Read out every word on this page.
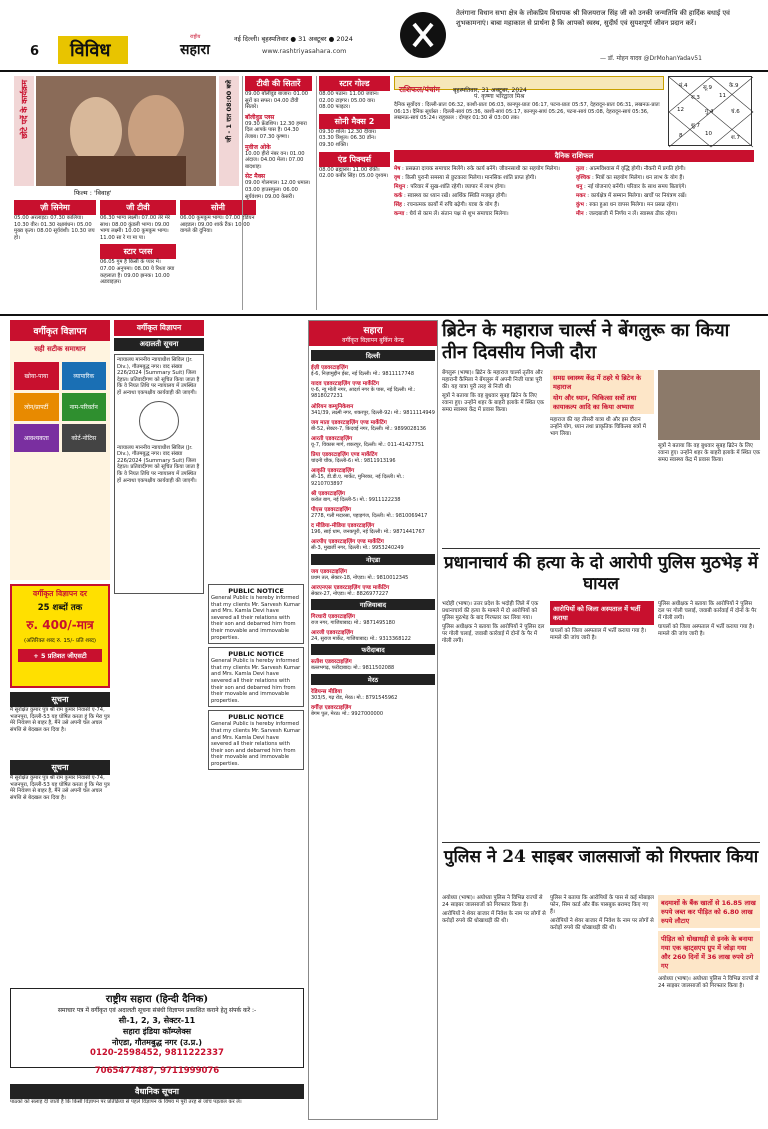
6 विविध
राष्ट्रीय
सहारा
नई दिल्ली। बृहस्पतिवार ● 31 अक्टूबर ● 2024
www.rashtriyasahara.com
तेलंगाना विधान सभा क्षेत्र के लोकप्रिय विधायक श्री विजयराज सिंह जी को उनकी जन्मतिथि की हार्दिक बधाई एवं शुभकामनाएं। बाबा महाकाल से प्रार्थना है कि आपको स्वस्थ, सुदीर्घ एवं सुयशपूर्ण जीवन प्रदान करें।
— डॉ. मोहन यादव @DrMohanYadav51
छोटे पर्दे के कार्यक्रम
फिल्म : 'विवाह'
जी - 1 रात 08:00 बजे
ज़ी सिनेमा
05.00 अरलाइट। 07.30 कालिया। 10.30 वीर। 01.30 रक्षाबंधन। 05.00 मुख्य कृत्य। 08.00 सूर्यवंशी। 10.30 जय हो।
जी टीवी
06.30 भाग्य लक्ष्मी। 07.00 तेरे मेरे साथ। 08.00 कुंडली भाग्य। 09.00 भाग्य लक्ष्मी। 10.00 कुमकुम भाग्य। 11.00 सा रे गा मा पा।
स्टार प्लस
06.05 गुम है किसी के प्यार में। 07.00 अनुपमा। 08.00 ये रिश्ता क्या कहलाता है। 09.00 झनक। 10.00 अडवाइज़र।
सोनी
06.00 कुमकुम भाग्य। 07.00 इंडियन आइडल। 09.00 शार्क टैंक। 10.00 वागले की दुनिया।
टीवी की सितारें
09.00 बॉलीवुड बाजार। 01.00 सुरों का सफर। 04.00 टीवी सितारे।
बॉलीवुड प्लस
09.30 फ्रेंडशिप। 12.30 हमारा दिल आपके पास है। 04.30 तेजाब। 07.30 कृष्णा।
मुवीज ओके
10.00 हीरो नंबर वन। 01.00 अंदाज। 04.00 मेला। 07.00 बादशाह।
सेट मैक्स
09.00 गोलमाल। 12.00 धमाल। 03.00 हाउसफुल। 06.00 सूर्यवंशम। 09.00 केसरी।
स्टार गोल्ड
08.00 पठान। 11.00 जवान। 02.00 टाइगर। 05.00 वार। 08.00 फाइटर।
सोनी मैक्स 2
09.30 शोले। 12.30 दीवार। 03.30 त्रिशूल। 06.30 डॉन। 09.30 शक्ति।
एंड पिक्चर्स
08.00 ब्रह्मास्त्र। 11.00 रॉकी। 02.00 कबीर सिंह। 05.00 दृश्यम।
राशिफल/पंचांग बृहस्पतिवार, 31 अक्टूबर, 2024
पं. कृष्णा भारद्वाज मिश्र
दैनिक सूर्योदय : दिल्ली-प्रातः 06:32, काशी-प्रातः 06:03, कानपुर-प्रातः 06:17, पटना-प्रातः 05:57, देहरादून-प्रातः 06:31, लखनऊ-प्रातः 06:13। दैनिक सूर्यास्त : दिल्ली-सायं 05:36, काशी-सायं 05:17, कानपुर-सायं 05:26, पटना-सायं 05:08, देहरादून-सायं 05:36, लखनऊ-सायं 05:24। राहुकाल : दोपहर 01:30 से 03:00 तक।
सू.9	के.9
चं.6
गु.4
मं.4
12
10
श.7
8
रा.3	11
शु.7
दैनिक राशिफल
मेष : प्रसन्नता दायक समाचार मिलेंगे। रुके कार्य बनेंगे। जीवनसाथी का सहयोग मिलेगा।
वृष : किसी पुरानी समस्या से छुटकारा मिलेगा। मानसिक शांति प्राप्त होगी।
मिथुन : परिवार में सुख-शांति रहेगी। व्यापार में लाभ होगा।
कर्क : स्वास्थ्य का ध्यान रखें। आर्थिक स्थिति मजबूत होगी।
सिंह : रचनात्मक कार्यों में रुचि बढ़ेगी। यात्रा के योग हैं।
कन्या : धैर्य से काम लें। संतान पक्ष से शुभ समाचार मिलेगा।
तुला : आत्मविश्वास में वृद्धि होगी। नौकरी में प्रगति होगी।
वृश्चिक : मित्रों का सहयोग मिलेगा। धन लाभ के योग हैं।
धनु : नई योजनाएं बनेंगी। परिवार के साथ समय बिताएंगे।
मकर : कार्यक्षेत्र में सम्मान मिलेगा। खर्चों पर नियंत्रण रखें।
कुंभ : रुका हुआ धन वापस मिलेगा। मन प्रसन्न रहेगा।
मीन : जल्दबाजी में निर्णय न लें। स्वास्थ्य ठीक रहेगा।
वर्गीकृत विज्ञापन
सही सटीक समाधान
खोया-पाया	व्यापारिक
लोन/प्रापर्टी	नाम-परिवर्तन
आवश्यकता	कोर्ट-नोटिस
वर्गीकृत विज्ञापन दर
25 शब्दों तक
रु. 400/-मात्र
(अतिरिक्त शब्द रु. 15/- प्रति शब्द)
+ 5 प्रतिशत जीएसटी
सूचना
मैं सुरक्षित कुमार पुत्र श्री राम कुमार निवासी ए-74, भजनपुरा, दिल्ली-53 यह घोषित करता हूं कि मेरा पुत्र मेरे नियंत्रण से बाहर है, मैंने उसे अपनी चल अचल संपत्ति से बेदखल कर दिया है।
सूचना
मैं सुरक्षित कुमार पुत्र श्री राम कुमार निवासी ए-74, भजनपुरा, दिल्ली-53 यह घोषित करता हूं कि मेरा पुत्र मेरे नियंत्रण से बाहर है, मैंने उसे अपनी चल अचल संपत्ति से बेदखल कर दिया है।
वर्गीकृत विज्ञापन
अदालती सूचना
न्यायालय माननीय न्यायाधीश सिविल (Jr. Div.), गौतमबुद्ध नगर। वाद संख्या 226/2024 (Summary Suit) जिला देहात। प्रतिवादीगण को सूचित किया जाता है कि वे नियत तिथि पर न्यायालय में उपस्थित हों अन्यथा एकपक्षीय कार्यवाही की जाएगी।
न्यायालय माननीय न्यायाधीश सिविल (Jr. Div.), गौतमबुद्ध नगर। वाद संख्या 226/2024 (Summary Suit) जिला देहात। प्रतिवादीगण को सूचित किया जाता है कि वे नियत तिथि पर न्यायालय में उपस्थित हों अन्यथा एकपक्षीय कार्यवाही की जाएगी।
PUBLIC NOTICE
General Public is hereby informed that my clients Mr. Sarvesh Kumar and Mrs. Kamla Devi have severed all their relations with their son and debarred him from their movable and immovable properties.
PUBLIC NOTICE
General Public is hereby informed that my clients Mr. Sarvesh Kumar and Mrs. Kamla Devi have severed all their relations with their son and debarred him from their movable and immovable properties.
PUBLIC NOTICE
General Public is hereby informed that my clients Mr. Sarvesh Kumar and Mrs. Kamla Devi have severed all their relations with their son and debarred him from their movable and immovable properties.
राष्ट्रीय सहारा (हिन्दी दैनिक)
समाचार पत्र में वर्गीकृत एवं अदालती सूचना संबंधी विज्ञापन प्रकाशित कराने हेतु संपर्क करें :-
सी-1, 2, 3, सेक्टर-11
सहारा इंडिया कॉम्प्लेक्स
नोएडा, गौतमबुद्ध नगर (उ.प्र.)
0120-2598452, 9811222337
7065477487, 9711999076
वैधानिक सूचना
पाठकों को सलाह दी जाती है कि किसी विज्ञापन पर प्रतिक्रिया से पहले विज्ञापन के विषय में पूरी तरह से जांच पड़ताल कर लें।
सहारा
वर्गीकृत विज्ञापन बुकिंग केन्द्र
दिल्ली
ईज़ी एडवरटाइज़िंग
ई-6, निज़ामुद्दीन ईस्ट, नई दिल्ली। मो.: 9811117748
यादव एडवरटाइज़िंग एण्ड मार्केटिंग
ए-6, न्यू मोती नगर, आदर्श नगर के पास, नई दिल्ली। मो.: 9818027231
ओरियन कम्युनिकेशन
341/39, लक्ष्मी नगर, शकरपुर, दिल्ली-92। मो.: 9811114949
जय माता एडवरटाइज़िंग एण्ड मार्केटिंग
बी-52, सेक्टर-7, किदवई नगर, दिल्ली। मो.: 9899028136
आरती एडवरटाइज़िंग
यू-7, विकास मार्ग, शकरपुर, दिल्ली। मो.: 011-41427751
प्रिया एडवरटाइज़िंग एण्ड मार्केटिंग
चांदनी चौक, दिल्ली-6। मो.: 9811913196
आकृति एडवरटाइज़िंग
सी-15, डी.डी.ए. मार्केट, मुनिरका, नई दिल्ली। मो.: 9210703897
श्री एडवरटाइज़िंग
करोल बाग, नई दिल्ली-5। मो.: 9911122238
पीएस एडवरटाइज़िंग
2778, गली मदारसा, पहाड़गंज, दिल्ली। मो.: 9810069417
द मीडिया-मीडिया एडवरटाइज़िंग
196, साई धाम, जनकपुरी, नई दिल्ली। मो.: 9871441767
आरपीए एडवरटाइज़िंग एण्ड मार्केटिंग
सी-3, मुखर्जी नगर, दिल्ली। मो.: 9953240249
नोएडा
जय एडवरटाइज़िंग
प्रथम तल, सेक्टर-18, नोएडा। मो.: 9810012345
आरएनएस एडवरटाइज़िंग एण्ड मार्केटिंग
सेक्टर-27, नोएडा। मो.: 8826977227
गाजियाबाद
गिरधारी एडवरटाइज़िंग
राज नगर, गाजियाबाद। मो.: 9871495180
आरजी एडवरटाइज़िंग
24, सुराज मार्केट, गाजियाबाद। मो.: 9313368122
फरीदाबाद
सतीश एडवरटाइज़िंग
बल्लभगढ़, फरीदाबाद। मो.: 9811502088
मेरठ
रेडियन्स मीडिया
303/5, गढ़ रोड, मेरठ। मो.: 8791545962
वर्गीज़ एडवरटाइज़िंग
बेगम पुल, मेरठ। मो.: 9927000000
ब्रिटेन के महाराज चार्ल्स ने बेंगलुरू का किया तीन दिवसीय निजी दौरा
बेंगलुरू (भाषा)। ब्रिटेन के महाराज चार्ल्स तृतीय और महारानी कैमिला ने बेंगलुरू में अपनी निजी यात्रा पूरी की। यह यात्रा पूरी तरह से निजी थी।
सूत्रों ने बताया कि वह बुधवार सुबह ब्रिटेन के लिए रवाना हुए। उन्होंने शहर के बाहरी इलाके में स्थित एक समग्र स्वास्थ्य केंद्र में प्रवास किया।
समग्र स्वास्थ्य केंद्र में ठहरे थे ब्रिटेन के महाराज
योग और ध्यान, चिकित्सा सत्रों तथा कायाकल्प आदि का किया अभ्यास
महाराज की यह तीसरी यात्रा थी और इस दौरान उन्होंने योग, ध्यान तथा प्राकृतिक चिकित्सा सत्रों में भाग लिया।
सूत्रों ने बताया कि वह बुधवार सुबह ब्रिटेन के लिए रवाना हुए। उन्होंने शहर के बाहरी इलाके में स्थित एक समग्र स्वास्थ्य केंद्र में प्रवास किया।
प्रधानाचार्य की हत्या के दो आरोपी पुलिस मुठभेड़ में घायल
भदोही (भाषा)। उत्तर प्रदेश के भदोही जिले में एक प्रधानाचार्य की हत्या के मामले में दो आरोपियों को पुलिस मुठभेड़ के बाद गिरफ्तार कर लिया गया।
पुलिस अधीक्षक ने बताया कि आरोपियों ने पुलिस दल पर गोली चलाई, जवाबी कार्रवाई में दोनों के पैर में गोली लगी।
आरोपियों को जिला अस्पताल में भर्ती कराया
घायलों को जिला अस्पताल में भर्ती कराया गया है। मामले की जांच जारी है।
पुलिस अधीक्षक ने बताया कि आरोपियों ने पुलिस दल पर गोली चलाई, जवाबी कार्रवाई में दोनों के पैर में गोली लगी।
घायलों को जिला अस्पताल में भर्ती कराया गया है। मामले की जांच जारी है।
पुलिस ने 24 साइबर जालसाजों को गिरफ्तार किया
अयोध्या (भाषा)। अयोध्या पुलिस ने विभिन्न राज्यों से 24 साइबर जालसाजों को गिरफ्तार किया है।
आरोपियों ने शेयर बाजार में निवेश के नाम पर लोगों से करोड़ों रुपये की धोखाधड़ी की थी।
पुलिस ने बताया कि आरोपियों के पास से कई मोबाइल फोन, सिम कार्ड और बैंक पासबुक बरामद किए गए हैं।
आरोपियों ने शेयर बाजार में निवेश के नाम पर लोगों से करोड़ों रुपये की धोखाधड़ी की थी।
बदमाशों के बैंक खातों से 16.85 लाख रुपये जब्त कर पीड़ित को 6.80 लाख रुपये लौटाए
पीड़ित को धोखाधड़ी से इनके के बनाया गया एक व्हाट्सएप ग्रुप में जोड़ा गया और 260 दिनों में 36 लाख रुपये ठगे गए
अयोध्या (भाषा)। अयोध्या पुलिस ने विभिन्न राज्यों से 24 साइबर जालसाजों को गिरफ्तार किया है।
